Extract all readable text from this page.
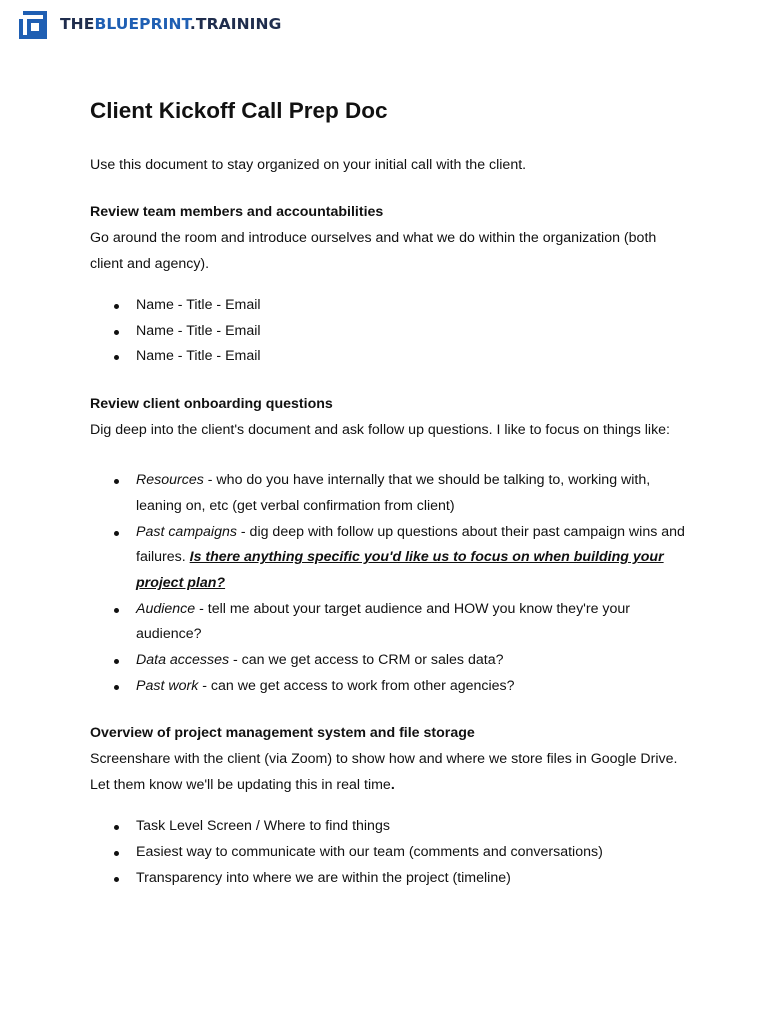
THEBLUEPRINT.TRAINING
Client Kickoff Call Prep Doc

Use this document to stay organized on your initial call with the client.

Review team members and accountabilities

Go around the room and introduce ourselves and what we do within the organization (both client and agency).

Name - Title - Email
Name - Title - Email
Name - Title - Email

Review client onboarding questions

Dig deep into the client's document and ask follow up questions. I like to focus on things like:

Resources - who do you have internally that we should be talking to, working with, leaning on, etc (get verbal confirmation from client)
Past campaigns - dig deep with follow up questions about their past campaign wins and failures. Is there anything specific you'd like us to focus on when building your project plan?
Audience - tell me about your target audience and HOW you know they're your audience?
Data accesses - can we get access to CRM or sales data?
Past work - can we get access to work from other agencies?

Overview of project management system and file storage

Screenshare with the client (via Zoom) to show how and where we store files in Google Drive. Let them know we'll be updating this in real time.

Task Level Screen / Where to find things
Easiest way to communicate with our team (comments and conversations)
Transparency into where we are within the project (timeline)
